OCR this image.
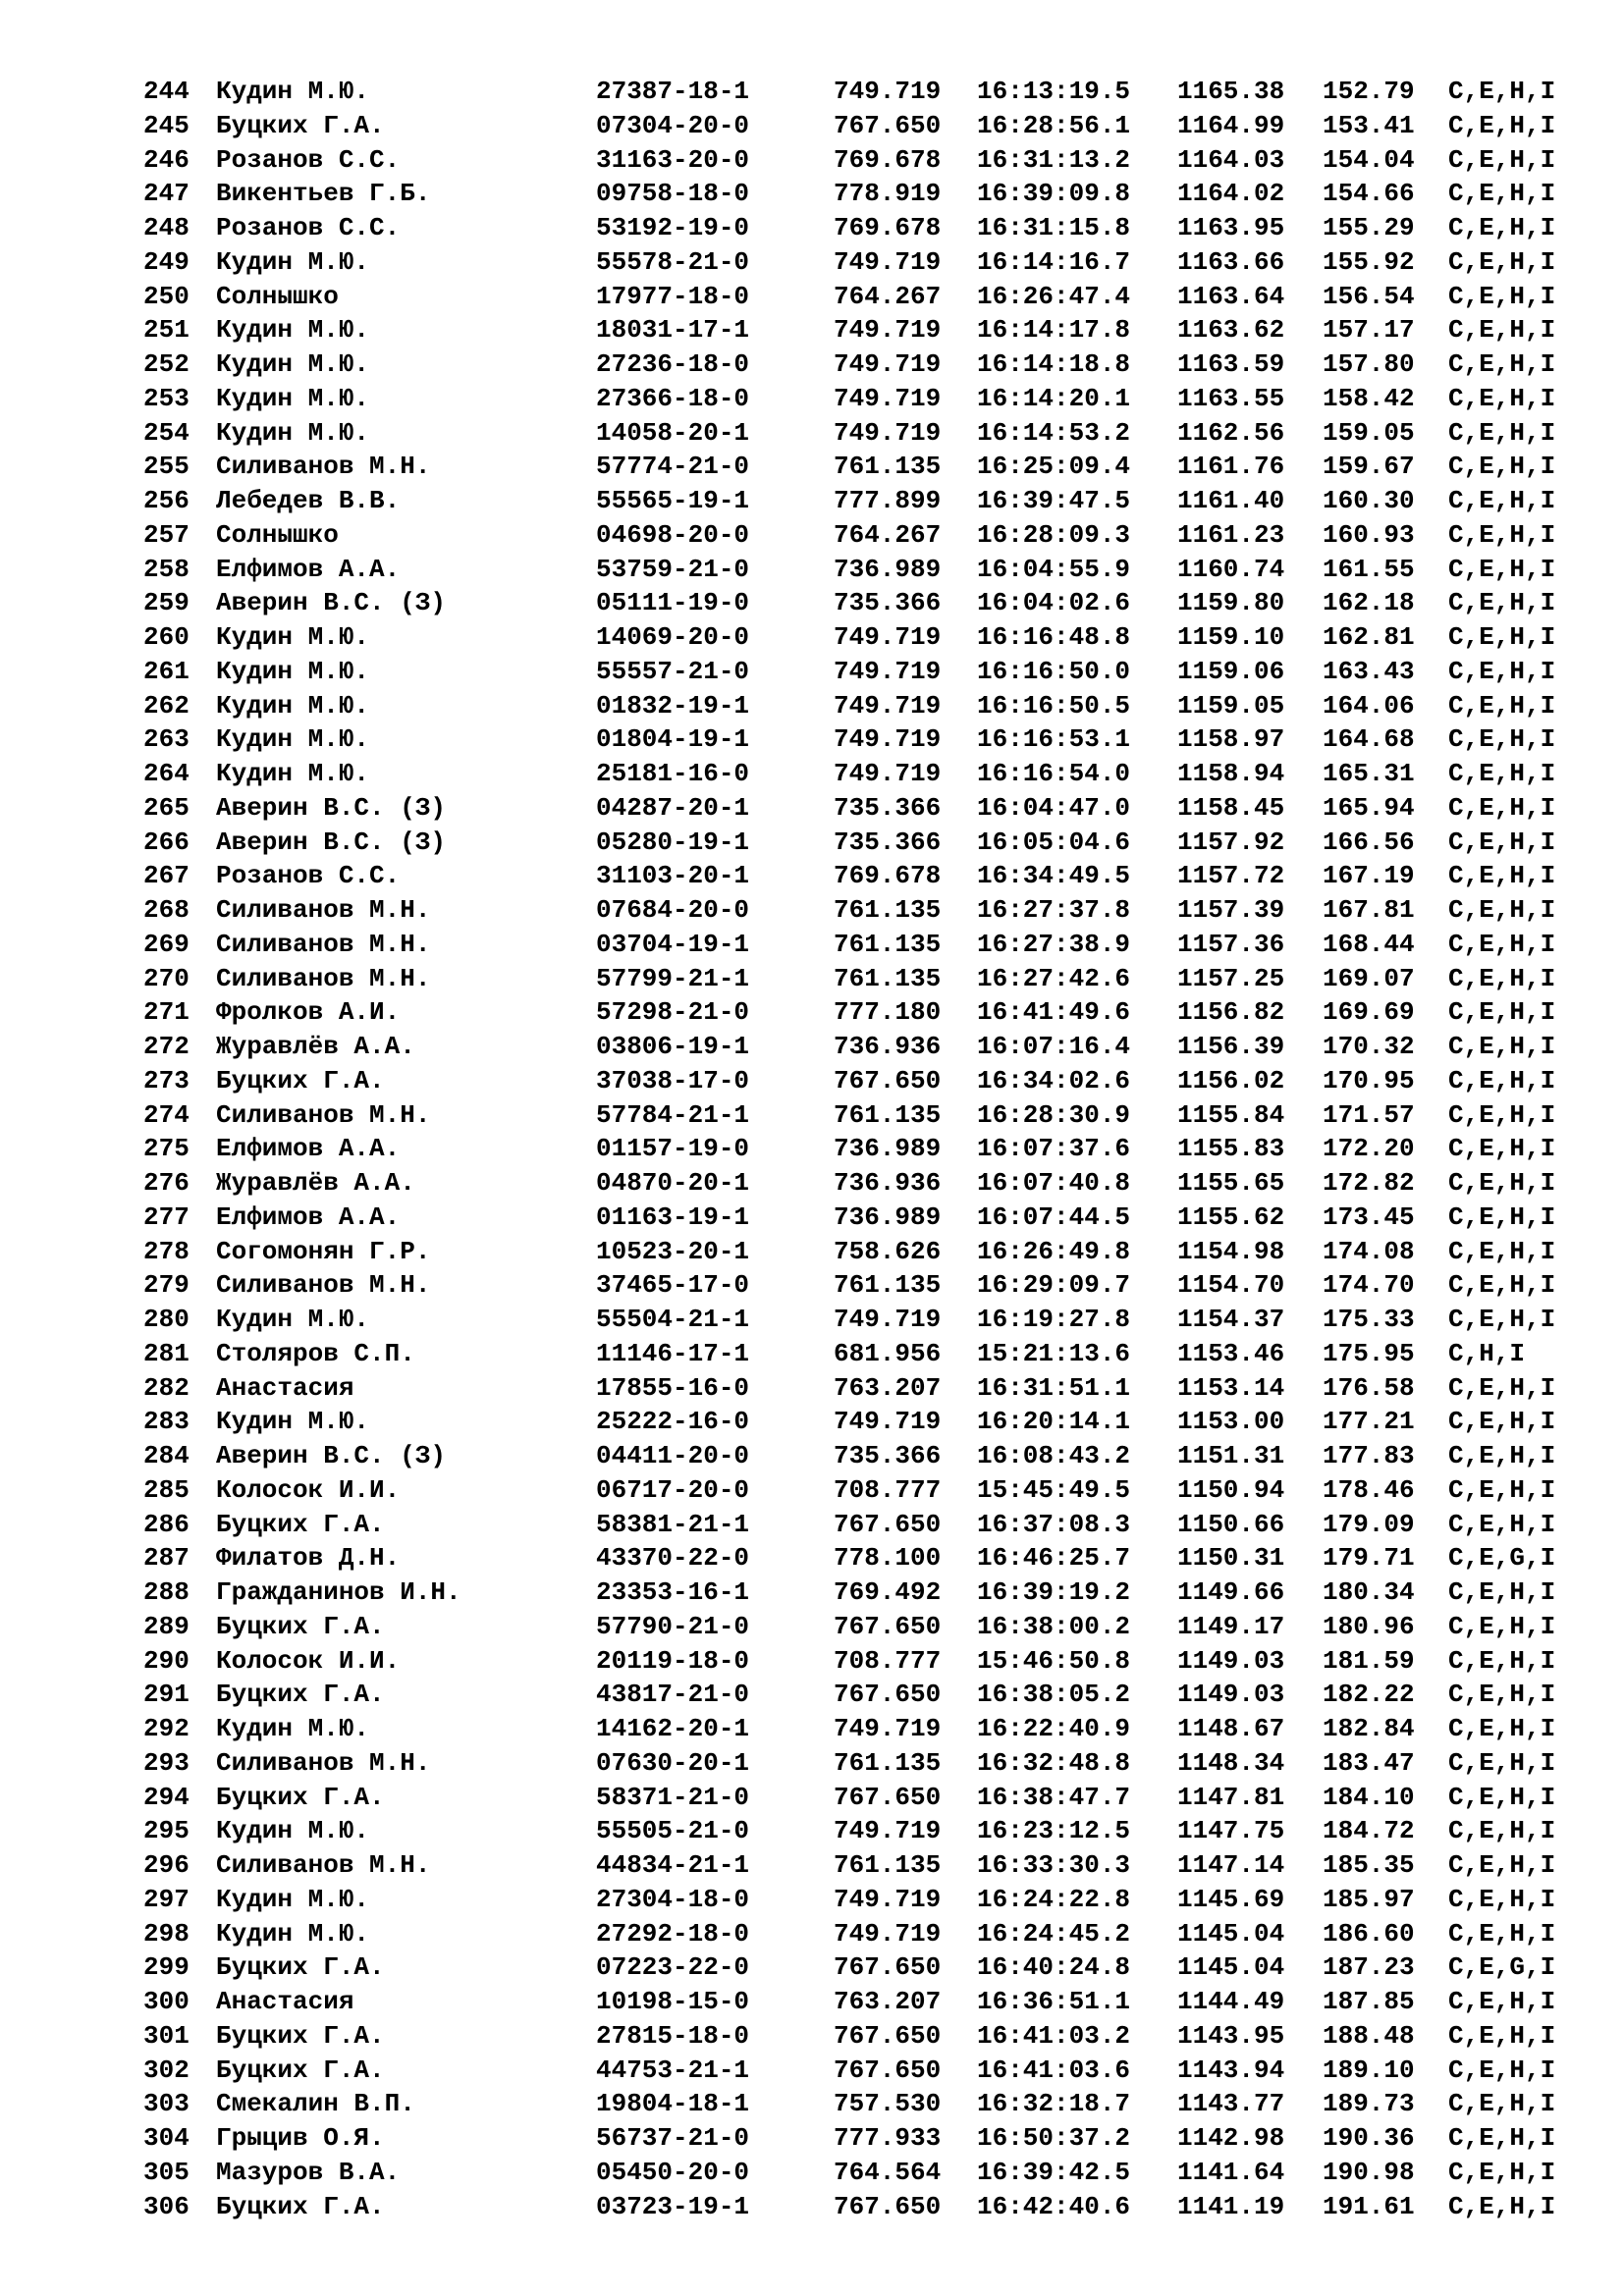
244 Кудин М.Ю.	27387-18-1	749.719 16:13:19.5 1165.38 152.79 C,E,H,I
245 Буцких Г.А.	07304-20-0	767.650 16:28:56.1 1164.99 153.41 C,E,H,I
246 Розанов С.С.	31163-20-0	769.678 16:31:13.2 1164.03 154.04 C,E,H,I
247 Викентьев Г.Б.	09758-18-0	778.919 16:39:09.8 1164.02 154.66 C,E,H,I
248 Розанов С.С.	53192-19-0	769.678 16:31:15.8 1163.95 155.29 C,E,H,I
249 Кудин М.Ю.	55578-21-0	749.719 16:14:16.7 1163.66 155.92 C,E,H,I
250 Солнышко	17977-18-0	764.267 16:26:47.4 1163.64 156.54 C,E,H,I
251 Кудин М.Ю.	18031-17-1	749.719 16:14:17.8 1163.62 157.17 C,E,H,I
252 Кудин М.Ю.	27236-18-0	749.719 16:14:18.8 1163.59 157.80 C,E,H,I
253 Кудин М.Ю.	27366-18-0	749.719 16:14:20.1 1163.55 158.42 C,E,H,I
254 Кудин М.Ю.	14058-20-1	749.719 16:14:53.2 1162.56 159.05 C,E,H,I
255 Силиванов М.Н.	57774-21-0	761.135 16:25:09.4 1161.76 159.67 C,E,H,I
256 Лебедев В.В.	55565-19-1	777.899 16:39:47.5 1161.40 160.30 C,E,H,I
257 Солнышко	04698-20-0	764.267 16:28:09.3 1161.23 160.93 C,E,H,I
258 Елфимов А.А.	53759-21-0	736.989 16:04:55.9 1160.74 161.55 C,E,H,I
259 Аверин В.С. (З)	05111-19-0	735.366 16:04:02.6 1159.80 162.18 C,E,H,I
260 Кудин М.Ю.	14069-20-0	749.719 16:16:48.8 1159.10 162.81 C,E,H,I
261 Кудин М.Ю.	55557-21-0	749.719 16:16:50.0 1159.06 163.43 C,E,H,I
262 Кудин М.Ю.	01832-19-1	749.719 16:16:50.5 1159.05 164.06 C,E,H,I
263 Кудин М.Ю.	01804-19-1	749.719 16:16:53.1 1158.97 164.68 C,E,H,I
264 Кудин М.Ю.	25181-16-0	749.719 16:16:54.0 1158.94 165.31 C,E,H,I
265 Аверин В.С. (З)	04287-20-1	735.366 16:04:47.0 1158.45 165.94 C,E,H,I
266 Аверин В.С. (З)	05280-19-1	735.366 16:05:04.6 1157.92 166.56 C,E,H,I
267 Розанов С.С.	31103-20-1	769.678 16:34:49.5 1157.72 167.19 C,E,H,I
268 Силиванов М.Н.	07684-20-0	761.135 16:27:37.8 1157.39 167.81 C,E,H,I
269 Силиванов М.Н.	03704-19-1	761.135 16:27:38.9 1157.36 168.44 C,E,H,I
270 Силиванов М.Н.	57799-21-1	761.135 16:27:42.6 1157.25 169.07 C,E,H,I
271 Фролков А.И.	57298-21-0	777.180 16:41:49.6 1156.82 169.69 C,E,H,I
272 Журавлёв А.А.	03806-19-1	736.936 16:07:16.4 1156.39 170.32 C,E,H,I
273 Буцких Г.А.	37038-17-0	767.650 16:34:02.6 1156.02 170.95 C,E,H,I
274 Силиванов М.Н.	57784-21-1	761.135 16:28:30.9 1155.84 171.57 C,E,H,I
275 Елфимов А.А.	01157-19-0	736.989 16:07:37.6 1155.83 172.20 C,E,H,I
276 Журавлёв А.А.	04870-20-1	736.936 16:07:40.8 1155.65 172.82 C,E,H,I
277 Елфимов А.А.	01163-19-1	736.989 16:07:44.5 1155.62 173.45 C,E,H,I
278 Согомонян Г.Р.	10523-20-1	758.626 16:26:49.8 1154.98 174.08 C,E,H,I
279 Силиванов М.Н.	37465-17-0	761.135 16:29:09.7 1154.70 174.70 C,E,H,I
280 Кудин М.Ю.	55504-21-1	749.719 16:19:27.8 1154.37 175.33 C,E,H,I
281 Столяров С.П.	11146-17-1	681.956 15:21:13.6 1153.46 175.95 C,H,I
282 Анастасия	17855-16-0	763.207 16:31:51.1 1153.14 176.58 C,E,H,I
283 Кудин М.Ю.	25222-16-0	749.719 16:20:14.1 1153.00 177.21 C,E,H,I
284 Аверин В.С. (З)	04411-20-0	735.366 16:08:43.2 1151.31 177.83 C,E,H,I
285 Колосок И.И.	06717-20-0	708.777 15:45:49.5 1150.94 178.46 C,E,H,I
286 Буцких Г.А.	58381-21-1	767.650 16:37:08.3 1150.66 179.09 C,E,H,I
287 Филатов Д.Н.	43370-22-0	778.100 16:46:25.7 1150.31 179.71 C,E,G,I
288 Гражданинов И.Н.	23353-16-1	769.492 16:39:19.2 1149.66 180.34 C,E,H,I
289 Буцких Г.А.	57790-21-0	767.650 16:38:00.2 1149.17 180.96 C,E,H,I
290 Колосок И.И.	20119-18-0	708.777 15:46:50.8 1149.03 181.59 C,E,H,I
291 Буцких Г.А.	43817-21-0	767.650 16:38:05.2 1149.03 182.22 C,E,H,I
292 Кудин М.Ю.	14162-20-1	749.719 16:22:40.9 1148.67 182.84 C,E,H,I
293 Силиванов М.Н.	07630-20-1	761.135 16:32:48.8 1148.34 183.47 C,E,H,I
294 Буцких Г.А.	58371-21-0	767.650 16:38:47.7 1147.81 184.10 C,E,H,I
295 Кудин М.Ю.	55505-21-0	749.719 16:23:12.5 1147.75 184.72 C,E,H,I
296 Силиванов М.Н.	44834-21-1	761.135 16:33:30.3 1147.14 185.35 C,E,H,I
297 Кудин М.Ю.	27304-18-0	749.719 16:24:22.8 1145.69 185.97 C,E,H,I
298 Кудин М.Ю.	27292-18-0	749.719 16:24:45.2 1145.04 186.60 C,E,H,I
299 Буцких Г.А.	07223-22-0	767.650 16:40:24.8 1145.04 187.23 C,E,G,I
300 Анастасия	10198-15-0	763.207 16:36:51.1 1144.49 187.85 C,E,H,I
301 Буцких Г.А.	27815-18-0	767.650 16:41:03.2 1143.95 188.48 C,E,H,I
302 Буцких Г.А.	44753-21-1	767.650 16:41:03.6 1143.94 189.10 C,E,H,I
303 Смекалин В.П.	19804-18-1	757.530 16:32:18.7 1143.77 189.73 C,E,H,I
304 Грыцив О.Я.	56737-21-0	777.933 16:50:37.2 1142.98 190.36 C,E,H,I
305 Мазуров В.А.	05450-20-0	764.564 16:39:42.5 1141.64 190.98 C,E,H,I
306 Буцких Г.А.	03723-19-1	767.650 16:42:40.6 1141.19 191.61 C,E,H,I
